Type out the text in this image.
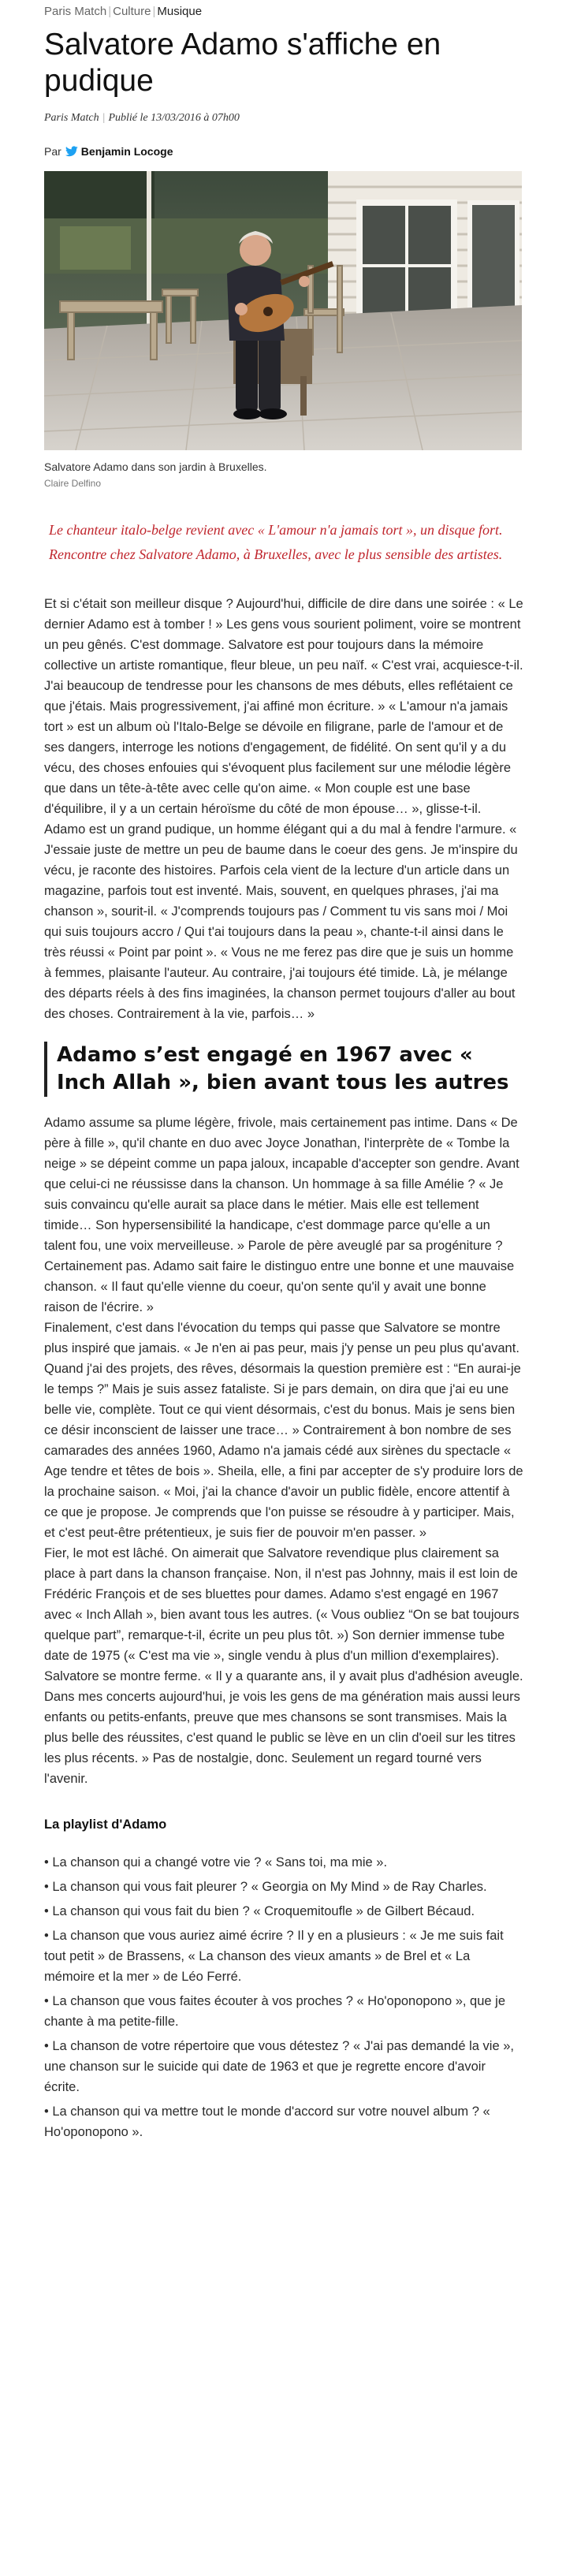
Paris Match | Culture | Musique
Salvatore Adamo s'affiche en pudique
Paris Match | Publié le 13/03/2016 à 07h00
Par Benjamin Locoge
Salvatore Adamo dans son jardin à Bruxelles.
Claire Delfino

Le chanteur italo-belge revient avec « L'amour n'a jamais tort », un disque fort. Rencontre chez Salvatore Adamo, à Bruxelles, avec le plus sensible des artistes.

Et si c'était son meilleur disque ? Aujourd'hui, difficile de dire dans une soirée : « Le dernier Adamo est à tomber ! » Les gens vous sourient poliment, voire se montrent un peu gênés. C'est dommage. Salvatore est pour toujours dans la mémoire collective un artiste romantique, fleur bleue, un peu naïf. « C'est vrai, acquiesce-t-il. J'ai beaucoup de tendresse pour les chansons de mes débuts, elles reflétaient ce que j'étais. Mais progressivement, j'ai affiné mon écriture. » « L'amour n'a jamais tort » est un album où l'Italo-Belge se dévoile en filigrane, parle de l'amour et de ses dangers, interroge les notions d'engagement, de fidélité. On sent qu'il y a du vécu, des choses enfouies qui s'évoquent plus facilement sur une mélodie légère que dans un tête-à-tête avec celle qu'on aime. « Mon couple est une base d'équilibre, il y a un certain héroïsme du côté de mon épouse… », glisse-t-il.

Adamo est un grand pudique, un homme élégant qui a du mal à fendre l'armure. « J'essaie juste de mettre un peu de baume dans le coeur des gens. Je m'inspire du vécu, je raconte des histoires. Parfois cela vient de la lecture d'un article dans un magazine, parfois tout est inventé. Mais, souvent, en quelques phrases, j'ai ma chanson », sourit-il. « J'comprends toujours pas / Comment tu vis sans moi / Moi qui suis toujours accro / Qui t'ai toujours dans la peau », chante-t-il ainsi dans le très réussi « Point par point ». « Vous ne me ferez pas dire que je suis un homme à femmes, plaisante l'auteur. Au contraire, j'ai toujours été timide. Là, je mélange des départs réels à des fins imaginées, la chanson permet toujours d'aller au bout des choses. Contrairement à la vie, parfois… »

Adamo s’est engagé en 1967 avec « Inch Allah », bien avant tous les autres

Adamo assume sa plume légère, frivole, mais certainement pas intime. Dans « De père à fille », qu'il chante en duo avec Joyce Jonathan, l'interprète de « Tombe la neige » se dépeint comme un papa jaloux, incapable d'accepter son gendre. Avant que celui-ci ne réussisse dans la chanson. Un hommage à sa fille Amélie ? « Je suis convaincu qu'elle aurait sa place dans le métier. Mais elle est tellement timide… Son hypersensibilité la handicape, c'est dommage parce qu'elle a un talent fou, une voix merveilleuse. » Parole de père aveuglé par sa progéniture ? Certainement pas. Adamo sait faire le distinguo entre une bonne et une mauvaise chanson. « Il faut qu'elle vienne du coeur, qu'on sente qu'il y avait une bonne raison de l'écrire. »

Finalement, c'est dans l'évocation du temps qui passe que Salvatore se montre plus inspiré que jamais. « Je n'en ai pas peur, mais j'y pense un peu plus qu'avant. Quand j'ai des projets, des rêves, désormais la question première est : “En aurai-je le temps ?” Mais je suis assez fataliste. Si je pars demain, on dira que j'ai eu une belle vie, complète. Tout ce qui vient désormais, c'est du bonus. Mais je sens bien ce désir inconscient de laisser une trace… » Contrairement à bon nombre de ses camarades des années 1960, Adamo n'a jamais cédé aux sirènes du spectacle « Age tendre et têtes de bois ». Sheila, elle, a fini par accepter de s'y produire lors de la prochaine saison. « Moi, j'ai la chance d'avoir un public fidèle, encore attentif à ce que je propose. Je comprends que l'on puisse se résoudre à y participer. Mais, et c'est peut-être prétentieux, je suis fier de pouvoir m'en passer. »

Fier, le mot est lâché. On aimerait que Salvatore revendique plus clairement sa place à part dans la chanson française. Non, il n'est pas Johnny, mais il est loin de Frédéric François et de ses bluettes pour dames. Adamo s'est engagé en 1967 avec « Inch Allah », bien avant tous les autres. (« Vous oubliez “On se bat toujours quelque part”, remarque-t-il, écrite un peu plus tôt. ») Son dernier immense tube date de 1975 (« C'est ma vie », single vendu à plus d'un million d'exemplaires). Salvatore se montre ferme. « Il y a quarante ans, il y avait plus d'adhésion aveugle. Dans mes concerts aujourd'hui, je vois les gens de ma génération mais aussi leurs enfants ou petits-enfants, preuve que mes chansons se sont transmises. Mais la plus belle des réussites, c'est quand le public se lève en un clin d'oeil sur les titres les plus récents. » Pas de nostalgie, donc. Seulement un regard tourné vers l'avenir.

La playlist d'Adamo

• La chanson qui a changé votre vie ? « Sans toi, ma mie ».

• La chanson qui vous fait pleurer ? « Georgia on My Mind » de Ray Charles.

• La chanson qui vous fait du bien ? « Croquemitoufle » de Gilbert Bécaud.

• La chanson que vous auriez aimé écrire ? Il y en a plusieurs : « Je me suis fait tout petit » de Brassens, « La chanson des vieux amants » de Brel et « La mémoire et la mer » de Léo Ferré.

• La chanson que vous faites écouter à vos proches ? « Ho'oponopono », que je chante à ma petite-fille.

• La chanson de votre répertoire que vous détestez ? « J'ai pas demandé la vie », une chanson sur le suicide qui date de 1963 et que je regrette encore d'avoir écrite.

• La chanson qui va mettre tout le monde d'accord sur votre nouvel album ? « Ho'oponopono ».
